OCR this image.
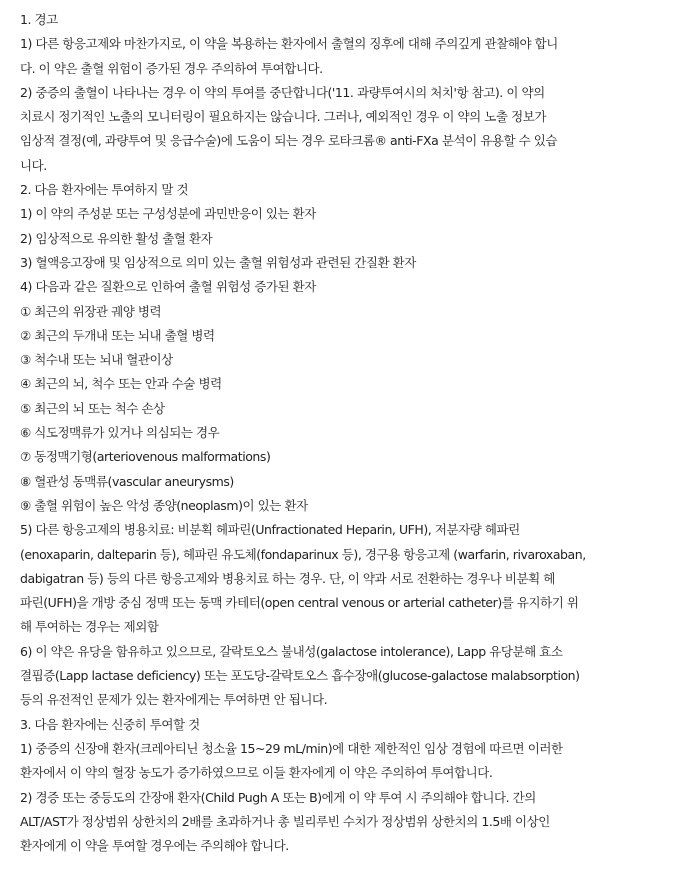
1. 경고
1) 다른 항응고제와 마찬가지로, 이 약을 복용하는 환자에서 출혈의 징후에 대해 주의깊게 관찰해야 합니
다. 이 약은 출혈 위험이 증가된 경우 주의하여 투여합니다.
2) 중증의 출혈이 나타나는 경우 이 약의 투여를 중단합니다('11. 과량투여시의 처치'항 참고). 이 약의
치료시 정기적인 노출의 모니터링이 필요하지는 않습니다. 그러나, 예외적인 경우 이 약의 노출 정보가
임상적 결정(예, 과량투여 및 응급수술)에 도움이 되는 경우 로타크롬® anti-FXa 분석이 유용할 수 있습
니다.
2. 다음 환자에는 투여하지 말 것
1) 이 약의 주성분 또는 구성성분에 과민반응이 있는 환자
2) 임상적으로 유의한 활성 출혈 환자
3) 혈액응고장애 및 임상적으로 의미 있는 출혈 위험성과 관련된 간질환 환자
4) 다음과 같은 질환으로 인하여 출혈 위험성 증가된 환자
① 최근의 위장관 궤양 병력
② 최근의 두개내 또는 뇌내 출혈 병력
③ 척수내 또는 뇌내 혈관이상
④ 최근의 뇌, 척수 또는 안과 수술 병력
⑤ 최근의 뇌 또는 척수 손상
⑥ 식도정맥류가 있거나 의심되는 경우
⑦ 동정맥기형(arteriovenous malformations)
⑧ 혈관성 동맥류(vascular aneurysms)
⑨ 출혈 위험이 높은 악성 종양(neoplasm)이 있는 환자
5) 다른 항응고제의 병용치료: 비분획 헤파린(Unfractionated Heparin, UFH), 저분자량 헤파린
(enoxaparin, dalteparin 등), 헤파린 유도체(fondaparinux 등), 경구용 항응고제 (warfarin, rivaroxaban,
dabigatran 등) 등의 다른 항응고제와 병용치료 하는 경우. 단, 이 약과 서로 전환하는 경우나 비분획 헤
파린(UFH)을 개방 중심 정맥 또는 동맥 카테터(open central venous or arterial catheter)를 유지하기 위
해 투여하는 경우는 제외함
6) 이 약은 유당을 함유하고 있으므로, 갈락토오스 불내성(galactose intolerance), Lapp 유당분해 효소
결핍증(Lapp lactase deficiency) 또는 포도당-갈락토오스 흡수장애(glucose-galactose malabsorption)
등의 유전적인 문제가 있는 환자에게는 투여하면 안 됩니다.
3. 다음 환자에는 신중히 투여할 것
1) 중증의 신장애 환자(크레아티닌 청소율 15~29 mL/min)에 대한 제한적인 임상 경험에 따르면 이러한
환자에서 이 약의 혈장 농도가 증가하였으므로 이들 환자에게 이 약은 주의하여 투여합니다.
2) 경증 또는 중등도의 간장애 환자(Child Pugh A 또는 B)에게 이 약 투여 시 주의해야 합니다. 간의
ALT/AST가 정상범위 상한치의 2배를 초과하거나 총 빌리루빈 수치가 정상범위 상한치의 1.5배 이상인
환자에게 이 약을 투여할 경우에는 주의해야 합니다.
